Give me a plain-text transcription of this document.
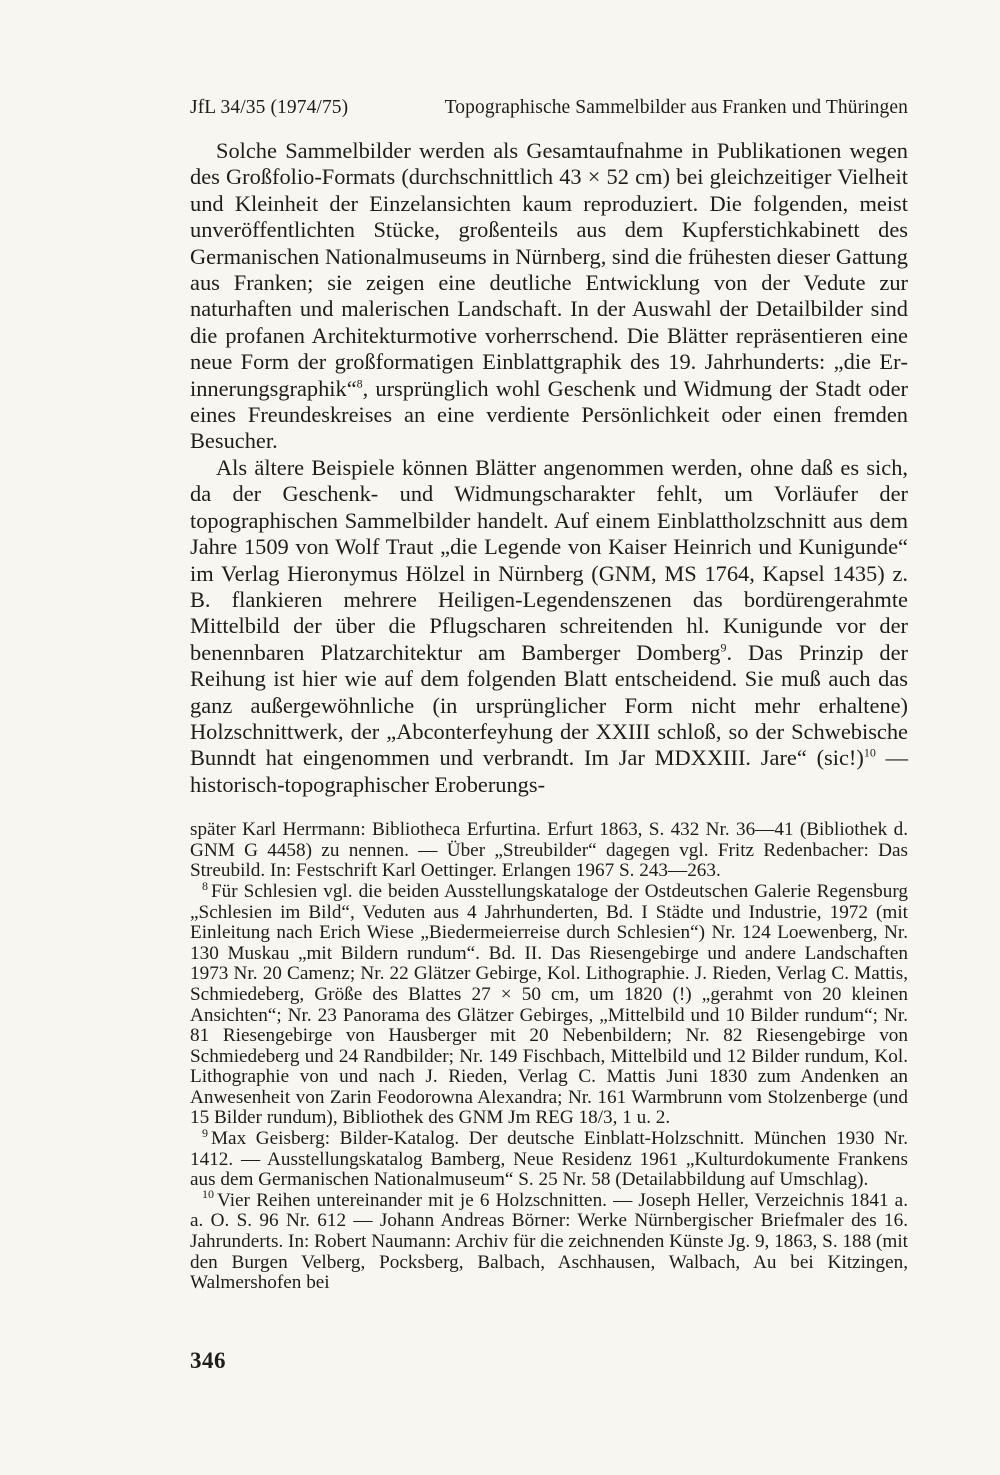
JfL 34/35 (1974/75)	Topographische Sammelbilder aus Franken und Thüringen

Solche Sammelbilder werden als Gesamtaufnahme in Publikationen wegen des Großfolio-Formats (durchschnittlich 43 × 52 cm) bei gleichzeitiger Vielheit und Kleinheit der Einzelansichten kaum reproduziert. Die folgenden, meist unveröffentlichten Stücke, großenteils aus dem Kupferstichkabinett des Germanischen Nationalmuseums in Nürnberg, sind die frühesten dieser Gattung aus Franken; sie zeigen eine deutliche Entwicklung von der Vedute zur naturhaften und malerischen Landschaft. In der Auswahl der Detailbilder sind die profanen Architekturmotive vorherrschend. Die Blätter repräsentieren eine neue Form der großformatigen Einblattgraphik des 19. Jahrhunderts: „die Erinnerungsgraphik“$^8$, ursprünglich wohl Geschenk und Widmung der Stadt oder eines Freundeskreises an eine verdiente Persönlichkeit oder einen fremden Besucher.

Als ältere Beispiele können Blätter angenommen werden, ohne daß es sich, da der Geschenk- und Widmungscharakter fehlt, um Vorläufer der topographischen Sammelbilder handelt. Auf einem Einblattholzschnitt aus dem Jahre 1509 von Wolf Traut „die Legende von Kaiser Heinrich und Kunigunde“ im Verlag Hieronymus Hölzel in Nürnberg (GNM, MS 1764, Kapsel 1435) z. B. flankieren mehrere Heiligen-Legendenszenen das bordürengerahmte Mittelbild der über die Pflugscharen schreitenden hl. Kunigunde vor der benennbaren Platzarchitektur am Bamberger Domberg$^9$. Das Prinzip der Reihung ist hier wie auf dem folgenden Blatt entscheidend. Sie muß auch das ganz außergewöhnliche (in ursprünglicher Form nicht mehr erhaltene) Holzschnittwerk, der „Abconterfeyhung der XXIII schloß, so der Schwebische Bunndt hat eingenommen und verbrandt. Im Jar MDXXIII. Jare“ (sic!)$^{10}$ — historisch-topographischer Eroberungs-

später Karl Herrmann: Bibliotheca Erfurtina. Erfurt 1863, S. 432 Nr. 36—41 (Bibliothek d. GNM G 4458) zu nennen. — Über „Streubilder“ dagegen vgl. Fritz Redenbacher: Das Streubild. In: Festschrift Karl Oettinger. Erlangen 1967 S. 243—263.

$^8$ Für Schlesien vgl. die beiden Ausstellungskataloge der Ostdeutschen Galerie Regensburg „Schlesien im Bild“, Veduten aus 4 Jahrhunderten, Bd. I Städte und Industrie, 1972 (mit Einleitung nach Erich Wiese „Biedermeierreise durch Schlesien“) Nr. 124 Loewenberg, Nr. 130 Muskau „mit Bildern rundum“. Bd. II. Das Riesengebirge und andere Landschaften 1973 Nr. 20 Camenz; Nr. 22 Glätzer Gebirge, Kol. Lithographie. J. Rieden, Verlag C. Mattis, Schmiedeberg, Größe des Blattes 27 × 50 cm, um 1820 (!) „gerahmt von 20 kleinen Ansichten“; Nr. 23 Panorama des Glätzer Gebirges, „Mittelbild und 10 Bilder rundum“; Nr. 81 Riesengebirge von Hausberger mit 20 Nebenbildern; Nr. 82 Riesengebirge von Schmiedeberg und 24 Randbilder; Nr. 149 Fischbach, Mittelbild und 12 Bilder rundum, Kol. Lithographie von und nach J. Rieden, Verlag C. Mattis Juni 1830 zum Andenken an Anwesenheit von Zarin Feodorowna Alexandra; Nr. 161 Warmbrunn vom Stolzenberge (und 15 Bilder rundum), Bibliothek des GNM Jm REG 18/3, 1 u. 2.

$^9$ Max Geisberg: Bilder-Katalog. Der deutsche Einblatt-Holzschnitt. München 1930 Nr. 1412. — Ausstellungskatalog Bamberg, Neue Residenz 1961 „Kulturdokumente Frankens aus dem Germanischen Nationalmuseum“ S. 25 Nr. 58 (Detailabbildung auf Umschlag).

$^{10}$ Vier Reihen untereinander mit je 6 Holzschnitten. — Joseph Heller, Verzeichnis 1841 a. a. O. S. 96 Nr. 612 — Johann Andreas Börner: Werke Nürnbergischer Briefmaler des 16. Jahrunderts. In: Robert Naumann: Archiv für die zeichnenden Künste Jg. 9, 1863, S. 188 (mit den Burgen Velberg, Pocksberg, Balbach, Aschhausen, Walbach, Au bei Kitzingen, Walmershofen bei

346
